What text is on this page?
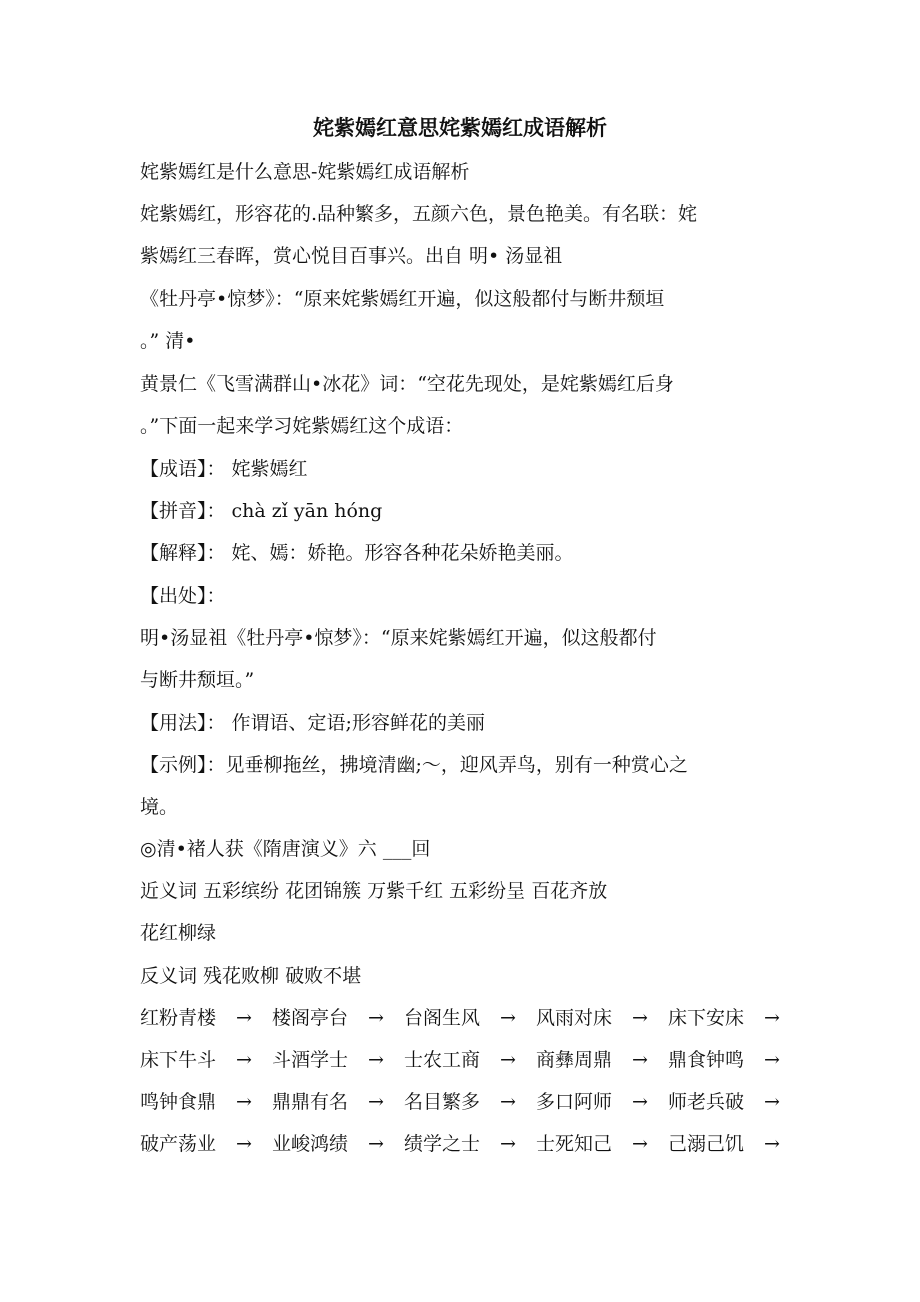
姹紫嫣红意思姹紫嫣红成语解析
姹紫嫣红是什么意思-姹紫嫣红成语解析
姹紫嫣红，形容花的.品种繁多，五颜六色，景色艳美。有名联：姹
紫嫣红三春晖，赏心悦目百事兴。出自 明• 汤显祖
《牡丹亭•惊梦》：“原来姹紫嫣红开遍，似这般都付与断井颓垣
。” 清•
黄景仁《飞雪满群山•冰花》词：“空花先现处，是姹紫嫣红后身
。”下面一起来学习姹紫嫣红这个成语：
【成语】： 姹紫嫣红
【拼音】： chà zǐ yān hóng
【解释】： 姹、嫣：娇艳。形容各种花朵娇艳美丽。
【出处】：
明•汤显祖《牡丹亭•惊梦》：“原来姹紫嫣红开遍，似这般都付
与断井颓垣。”
【用法】： 作谓语、定语;形容鲜花的美丽
【示例】：见垂柳拖丝，拂境清幽;～，迎风弄鸟，别有一种赏心之
境。
◎清•褚人获《隋唐演义》六 ___回
近义词 五彩缤纷 花团锦簇 万紫千红 五彩纷呈 百花齐放
花红柳绿
反义词 残花败柳 破败不堪
红粉青楼 → 楼阁亭台 → 台阁生风 → 风雨对床 → 床下安床 →
床下牛斗 → 斗酒学士 → 士农工商 → 商彝周鼎 → 鼎食钟鸣 →
鸣钟食鼎 → 鼎鼎有名 → 名目繁多 → 多口阿师 → 师老兵破 →
破产荡业 → 业峻鸿绩 → 绩学之士 → 士死知己 → 己溺己饥 →
